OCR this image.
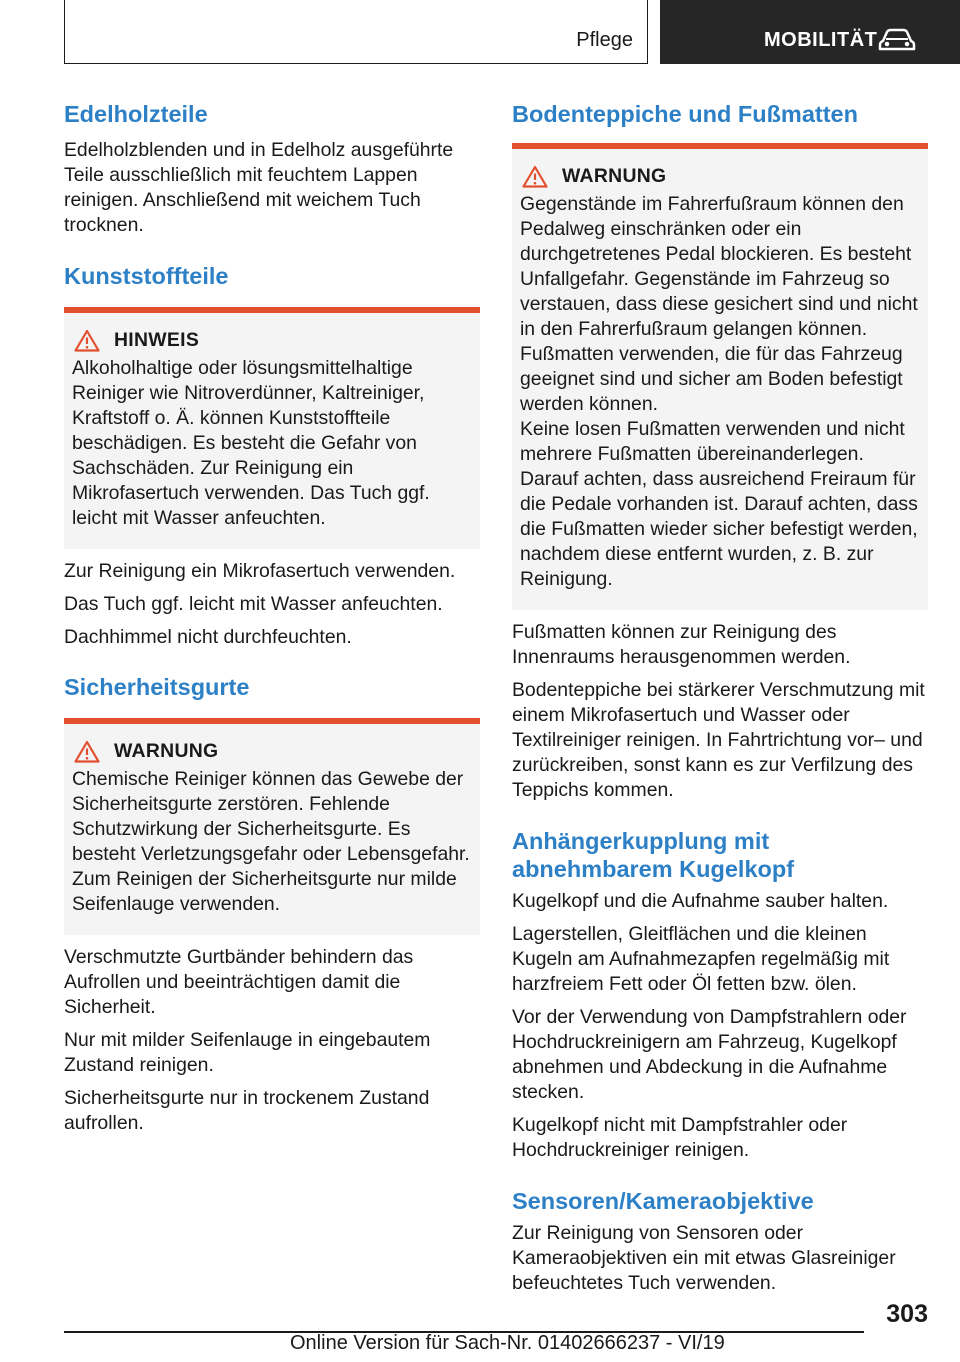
Pflege	MOBILITÄT
Edelholzteile

Edelholzblenden und in Edelholz ausgeführte Teile ausschließlich mit feuchtem Lappen reinigen. Anschließend mit weichem Tuch trocknen.

Kunststoffteile
HINWEIS

Alkoholhaltige oder lösungsmittelhaltige Reiniger wie Nitroverdünner, Kaltreiniger, Kraftstoff o. Ä. können Kunststoffteile beschädigen. Es besteht die Gefahr von Sachschäden. Zur Reinigung ein Mikrofasertuch verwenden. Das Tuch ggf. leicht mit Wasser anfeuchten.

Zur Reinigung ein Mikrofasertuch verwenden.

Das Tuch ggf. leicht mit Wasser anfeuchten.

Dachhimmel nicht durchfeuchten.

Sicherheitsgurte
WARNUNG

Chemische Reiniger können das Gewebe der Sicherheitsgurte zerstören. Fehlende Schutzwirkung der Sicherheitsgurte. Es besteht Verletzungsgefahr oder Lebensgefahr. Zum Reinigen der Sicherheitsgurte nur milde Seifenlauge verwenden.

Verschmutzte Gurtbänder behindern das Aufrollen und beeinträchtigen damit die Sicherheit.

Nur mit milder Seifenlauge in eingebautem Zustand reinigen.

Sicherheitsgurte nur in trockenem Zustand aufrollen.

Bodenteppiche und Fußmatten
WARNUNG

Gegenstände im Fahrerfußraum können den Pedalweg einschränken oder ein durchgetretenes Pedal blockieren. Es besteht Unfallgefahr. Gegenstände im Fahrzeug so verstauen, dass diese gesichert sind und nicht in den Fahrerfußraum gelangen können. Fußmatten verwenden, die für das Fahrzeug geeignet sind und sicher am Boden befestigt werden können.

Keine losen Fußmatten verwenden und nicht mehrere Fußmatten übereinanderlegen. Darauf achten, dass ausreichend Freiraum für die Pedale vorhanden ist. Darauf achten, dass die Fußmatten wieder sicher befestigt werden, nachdem diese entfernt wurden, z. B. zur Reinigung.

Fußmatten können zur Reinigung des Innenraums herausgenommen werden.

Bodenteppiche bei stärkerer Verschmutzung mit einem Mikrofasertuch und Wasser oder Textilreiniger reinigen. In Fahrtrichtung vor– und zurückreiben, sonst kann es zur Verfilzung des Teppichs kommen.

Anhängerkupplung mit abnehmbarem Kugelkopf

Kugelkopf und die Aufnahme sauber halten.

Lagerstellen, Gleitflächen und die kleinen Kugeln am Aufnahmezapfen regelmäßig mit harzfreiem Fett oder Öl fetten bzw. ölen.

Vor der Verwendung von Dampfstrahlern oder Hochdruckreinigern am Fahrzeug, Kugelkopf abnehmen und Abdeckung in die Aufnahme stecken.

Kugelkopf nicht mit Dampfstrahler oder Hochdruckreiniger reinigen.

Sensoren/Kameraobjektive

Zur Reinigung von Sensoren oder Kameraobjektiven ein mit etwas Glasreiniger befeuchtetes Tuch verwenden.

303
Online Version für Sach-Nr. 01402666237 - VI/19
